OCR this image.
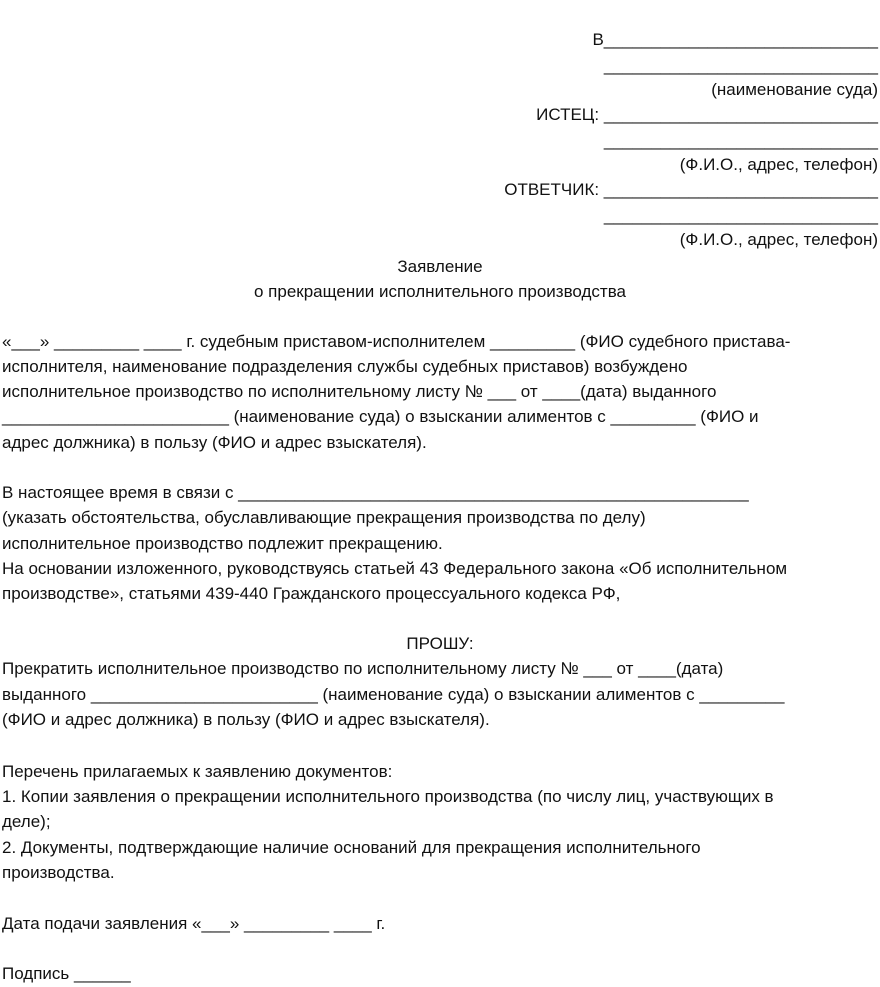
В_____________________________
_____________________________
(наименование суда)
ИСТЕЦ: _____________________________
_____________________________
(Ф.И.О., адрес, телефон)
ОТВЕТЧИК: _____________________________
_____________________________
(Ф.И.О., адрес, телефон)
Заявление
о прекращении исполнительного производства
«___» _________ ____ г. судебным приставом-исполнителем _________ (ФИО судебного пристава-
исполнителя, наименование подразделения службы судебных приставов) возбуждено
исполнительное производство по исполнительному листу № ___ от ____(дата) выданного
________________________ (наименование суда) о взыскании алиментов с _________ (ФИО и
адрес должника) в пользу (ФИО и адрес взыскателя).
В настоящее время в связи с ______________________________________________________
(указать обстоятельства, обуславливающие прекращения производства по делу)
исполнительное производство подлежит прекращению.
На основании изложенного, руководствуясь статьей 43 Федерального закона «Об исполнительном
производстве», статьями 439-440 Гражданского процессуального кодекса РФ,
ПРОШУ:
Прекратить исполнительное производство по исполнительному листу № ___ от ____(дата)
выданного ________________________ (наименование суда) о взыскании алиментов с _________
(ФИО и адрес должника) в пользу (ФИО и адрес взыскателя).
Перечень прилагаемых к заявлению документов:
1. Копии заявления о прекращении исполнительного производства (по числу лиц, участвующих в
деле);
2. Документы, подтверждающие наличие оснований для прекращения исполнительного
производства.
Дата подачи заявления «___» _________ ____ г.
Подпись ______
